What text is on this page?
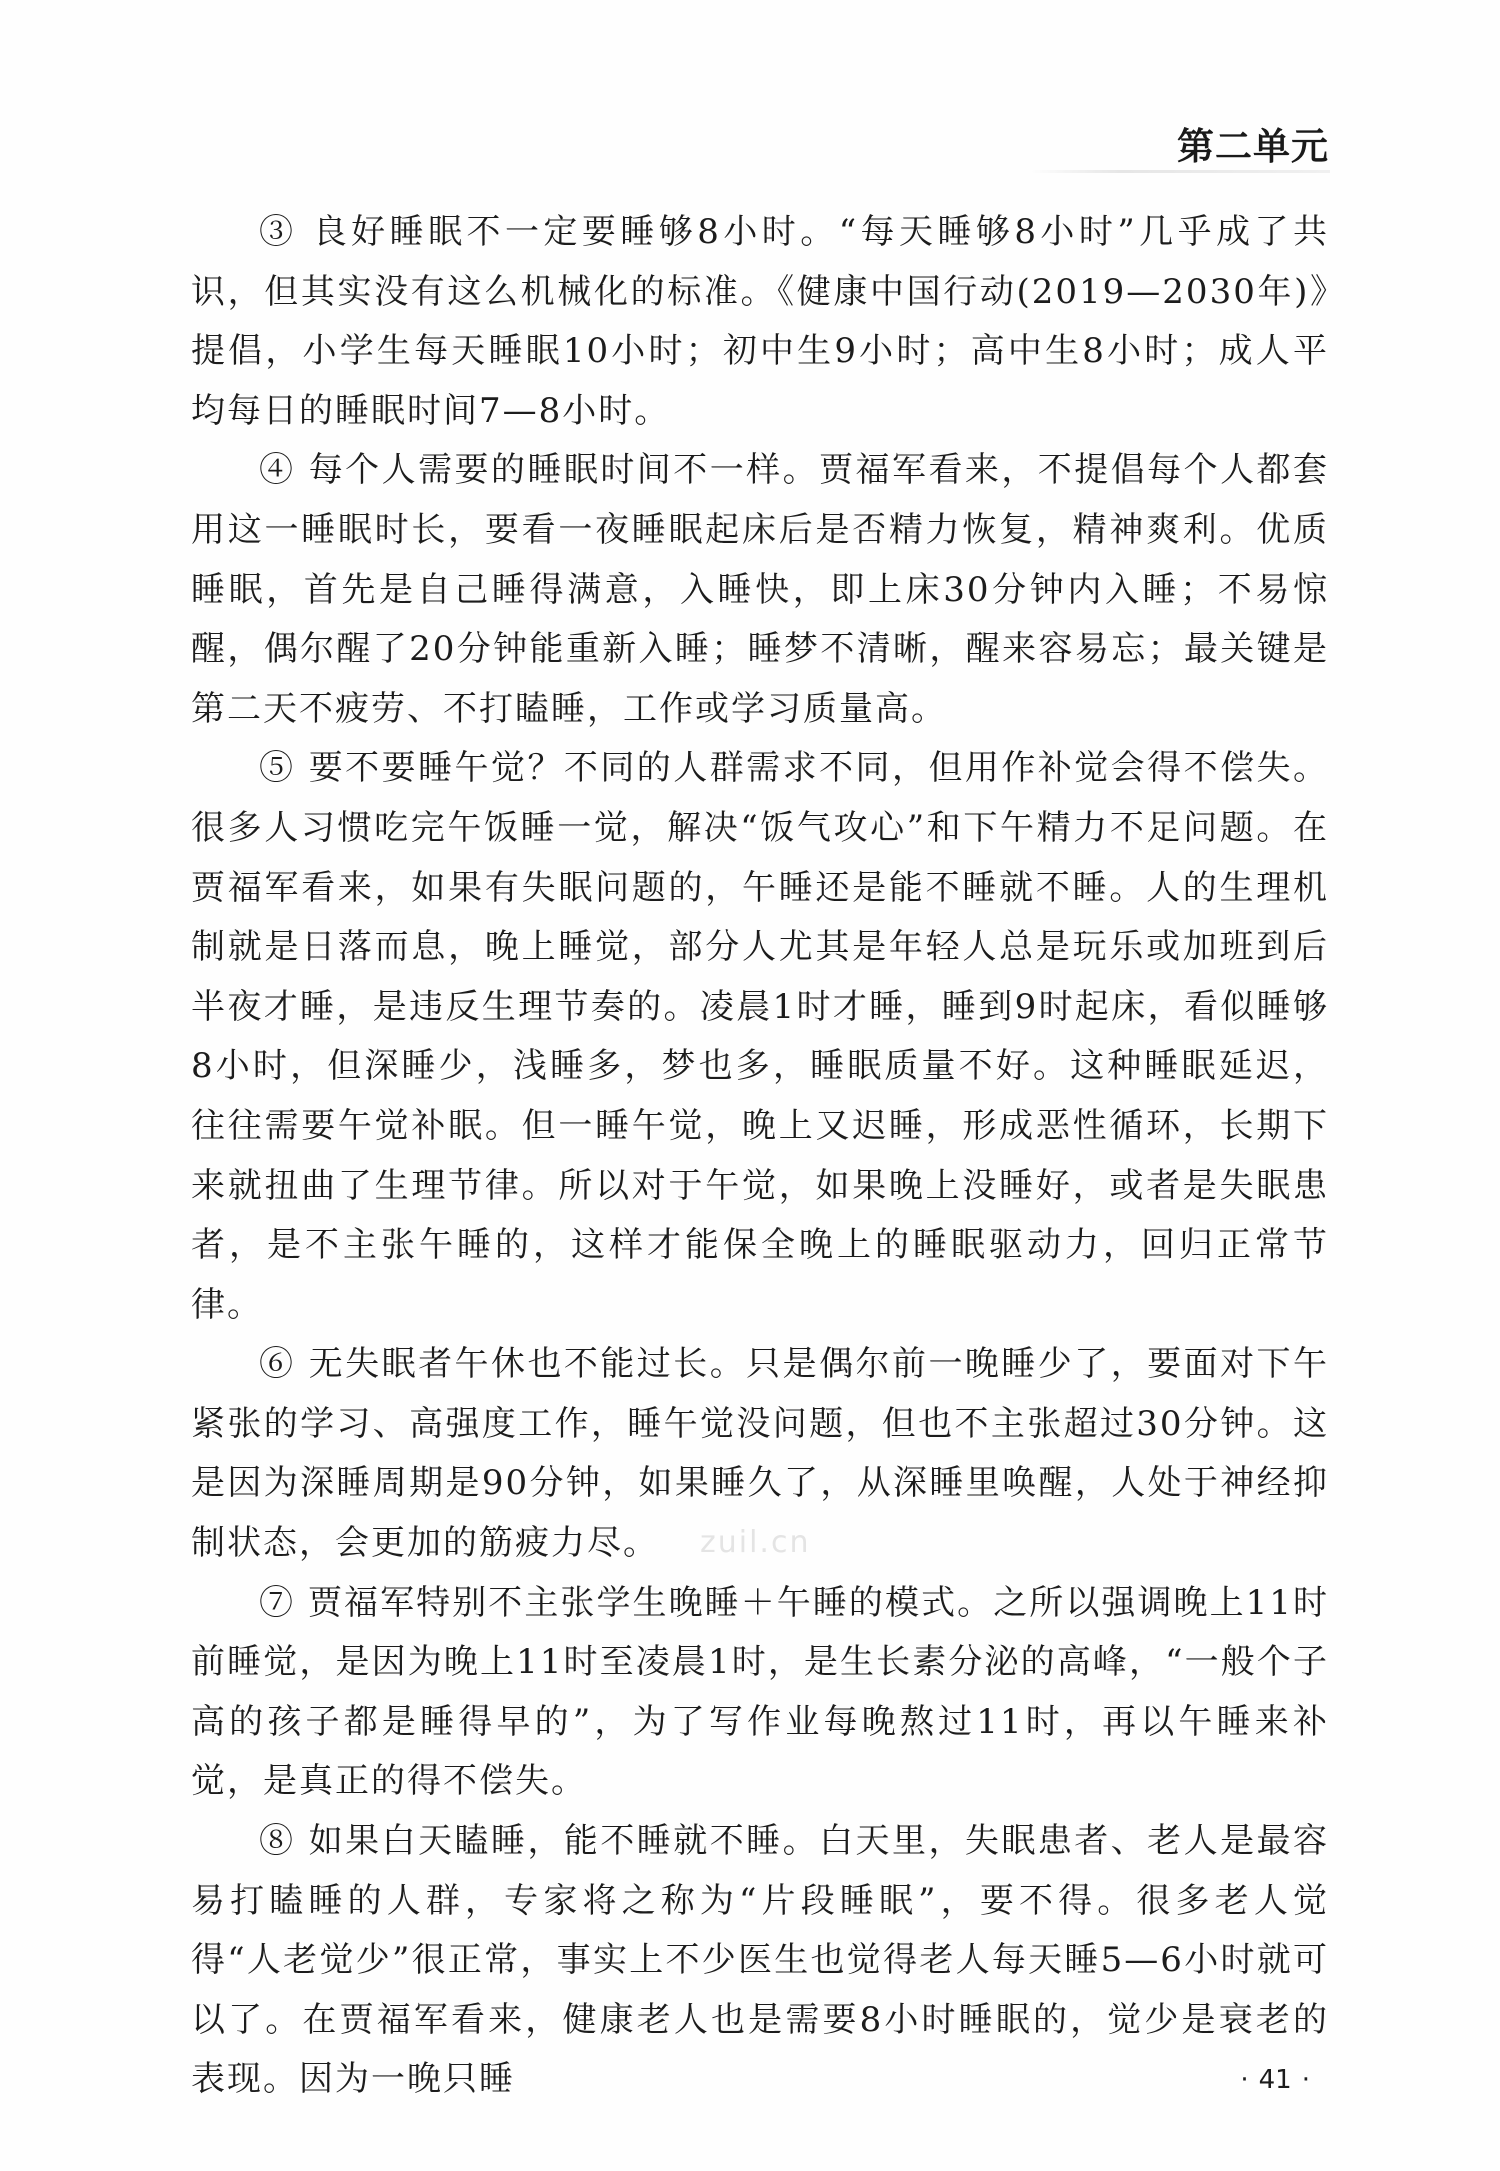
第二单元

③ 良好睡眠不一定要睡够8小时。“每天睡够8小时”几乎成了共识，但其实没有这么机械化的标准。《健康中国行动(2019—2030年)》提倡，小学生每天睡眠10小时；初中生9小时；高中生8小时；成人平均每日的睡眠时间7—8小时。

④ 每个人需要的睡眠时间不一样。贾福军看来，不提倡每个人都套用这一睡眠时长，要看一夜睡眠起床后是否精力恢复，精神爽利。优质睡眠，首先是自己睡得满意，入睡快，即上床30分钟内入睡；不易惊醒，偶尔醒了20分钟能重新入睡；睡梦不清晰，醒来容易忘；最关键是第二天不疲劳、不打瞌睡，工作或学习质量高。

⑤ 要不要睡午觉？不同的人群需求不同，但用作补觉会得不偿失。很多人习惯吃完午饭睡一觉，解决“饭气攻心”和下午精力不足问题。在贾福军看来，如果有失眠问题的，午睡还是能不睡就不睡。人的生理机制就是日落而息，晚上睡觉，部分人尤其是年轻人总是玩乐或加班到后半夜才睡，是违反生理节奏的。凌晨1时才睡，睡到9时起床，看似睡够8小时，但深睡少，浅睡多，梦也多，睡眠质量不好。这种睡眠延迟，往往需要午觉补眠。但一睡午觉，晚上又迟睡，形成恶性循环，长期下来就扭曲了生理节律。所以对于午觉，如果晚上没睡好，或者是失眠患者，是不主张午睡的，这样才能保全晚上的睡眠驱动力，回归正常节律。

⑥ 无失眠者午休也不能过长。只是偶尔前一晚睡少了，要面对下午紧张的学习、高强度工作，睡午觉没问题，但也不主张超过30分钟。这是因为深睡周期是90分钟，如果睡久了，从深睡里唤醒，人处于神经抑制状态，会更加的筋疲力尽。

⑦ 贾福军特别不主张学生晚睡＋午睡的模式。之所以强调晚上11时前睡觉，是因为晚上11时至凌晨1时，是生长素分泌的高峰，“一般个子高的孩子都是睡得早的”，为了写作业每晚熬过11时，再以午睡来补觉，是真正的得不偿失。

⑧ 如果白天瞌睡，能不睡就不睡。白天里，失眠患者、老人是最容易打瞌睡的人群，专家将之称为“片段睡眠”，要不得。很多老人觉得“人老觉少”很正常，事实上不少医生也觉得老人每天睡5—6小时就可以了。在贾福军看来，健康老人也是需要8小时睡眠的，觉少是衰老的表现。因为一晚只睡

zuil.cn
· 41 ·
